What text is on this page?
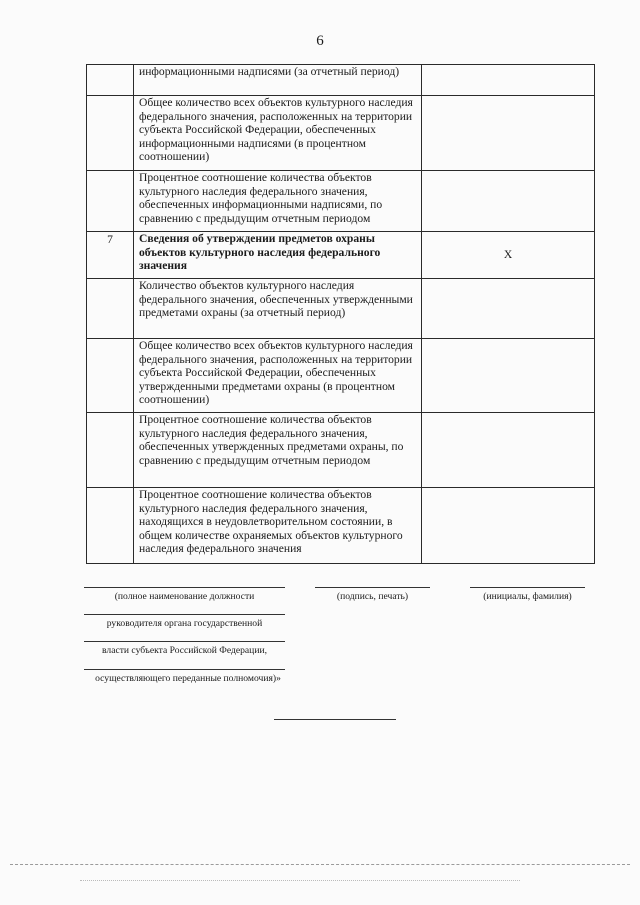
6
	информационными надписями (за отчетный период)	
	Общее количество всех объектов культурного наследия федерального значения, расположенных на территории субъекта Российской Федерации, обеспеченных информационными надписями (в процентном соотношении)	
	Процентное соотношение количества объектов культурного наследия федерального значения, обеспеченных информационными надписями, по сравнению с предыдущим отчетным периодом	
7	Сведения об утверждении предметов охраны объектов культурного наследия федерального значения	X
	Количество объектов культурного наследия федерального значения, обеспеченных утвержденными предметами охраны (за отчетный период)	
	Общее количество всех объектов культурного наследия федерального значения, расположенных на территории субъекта Российской Федерации, обеспеченных утвержденными предметами охраны (в процентном соотношении)	
	Процентное соотношение количества объектов культурного наследия федерального значения, обеспеченных утвержденных предметами охраны, по сравнению с предыдущим отчетным периодом	
	Процентное соотношение количества объектов культурного наследия федерального значения, находящихся в неудовлетворительном состоянии, в общем количестве охраняемых объектов культурного наследия федерального значения	
(полное наименование должности
руководителя органа государственной
власти субъекта Российской Федерации,
осуществляющего переданные полномочия)»
(подпись, печать)	(инициалы, фамилия)
